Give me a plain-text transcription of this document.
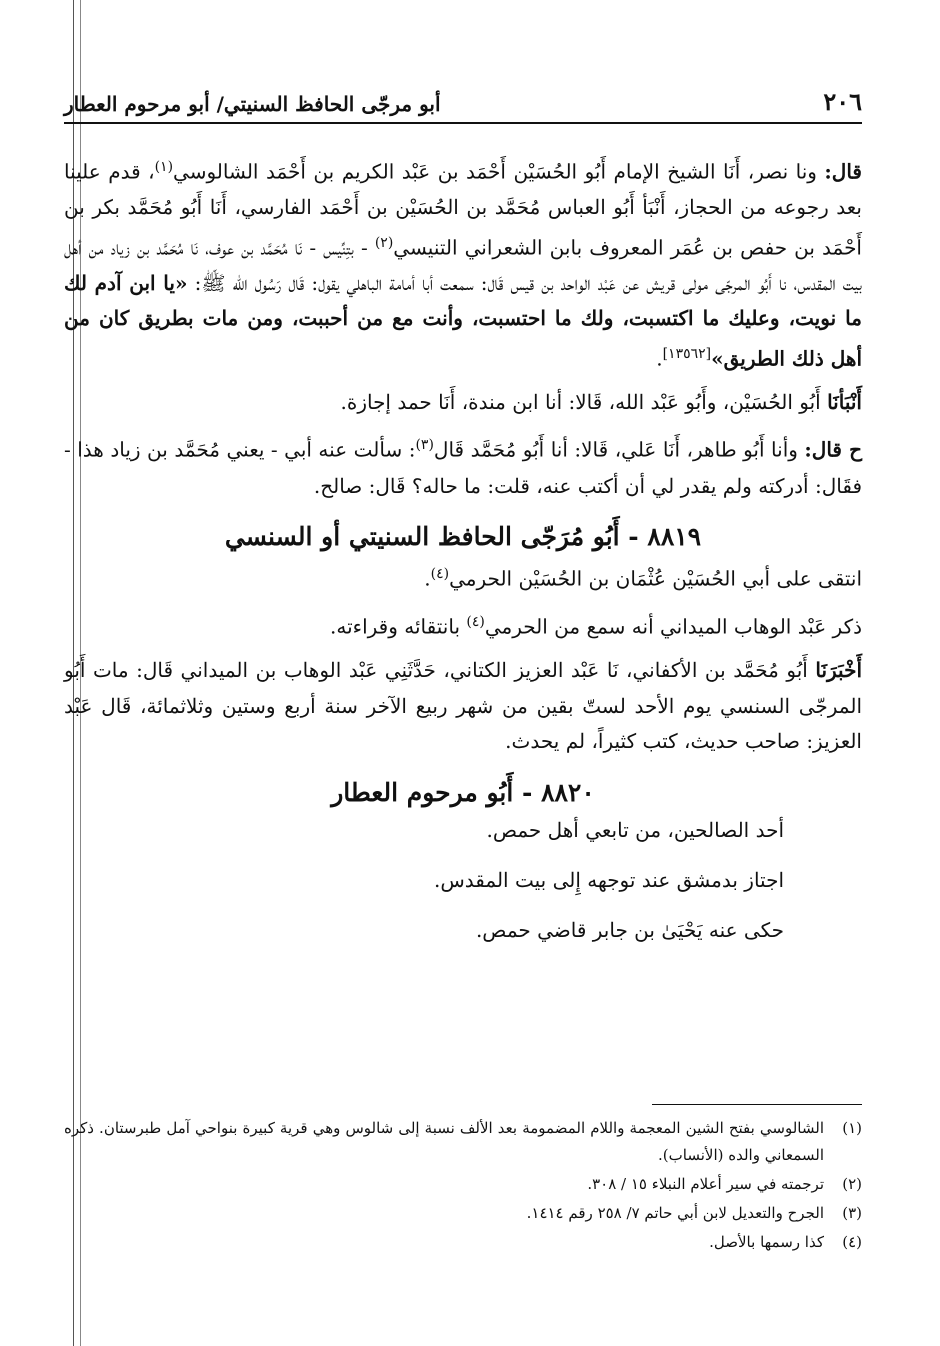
٢٠٦
أبو مرجّى الحافظ السنيتي/ أبو مرحوم العطار

قال: ونا نصر، أَنَا الشيخ الإمام أَبُو الحُسَيْن أَحْمَد بن عَبْد الكريم بن أَحْمَد الشالوسي$^{(١)}$، قدم علينا بعد رجوعه من الحجاز، أَنْبَأ أَبُو العباس مُحَمَّد بن الحُسَيْن بن أَحْمَد الفارسي، أَنَا أَبُو مُحَمَّد بكر بن أَحْمَد بن حفص بن عُمَر المعروف بابن الشعراني التنيسي$^{(٢)}$ - بتِنِّيس - نَا مُحَمَّد بن عوف، نَا مُحَمَّد بن زياد من أهل بيت المقدس، نا أَبُو المرجّى مولى قريش عن عَبْد الواحد بن قيس قَال: سمعت أبا أمامة الباهلي يقول: قَال رَسُول الله ﷺ: «يا ابن آدم لك ما نويت، وعليك ما اكتسبت، ولك ما احتسبت، وأنت مع من أحببت، ومن مات بطريق كان من أهل ذلك الطريق»[١٣٥٦٢].

أَنْبَأنَا أَبُو الحُسَيْن، وأَبُو عَبْد الله، قَالا: أنا ابن مندة، أَنَا حمد إجازة.

ح قال: وأنا أَبُو طاهر، أَنَا عَلي، قَالا: أنا أَبُو مُحَمَّد قَال$^{(٣)}$: سألت عنه أبي - يعني مُحَمَّد بن زياد هذا - فقَال: أدركته ولم يقدر لي أن أكتب عنه، قلت: ما حاله؟ قَال: صالح.

٨٨١٩ - أَبُو مُرَجّى الحافظ السنيتي أو السنسي

انتقى على أبي الحُسَيْن عُثْمَان بن الحُسَيْن الحرمي$^{(٤)}$.

ذكر عَبْد الوهاب الميداني أنه سمع من الحرمي$^{(٤)}$ بانتقائه وقراءته.

أَخْبَرَنَا أَبُو مُحَمَّد بن الأكفاني، نَا عَبْد العزيز الكتاني، حَدَّثَنِي عَبْد الوهاب بن الميداني قَال: مات أَبُو المرجّى السنسي يوم الأحد لستّ بقين من شهر ربيع الآخر سنة أربع وستين وثلاثمائة، قَال عَبْد العزيز: صاحب حديث، كتب كثيراً، لم يحدث.

٨٨٢٠ - أَبُو مرحوم العطار

أحد الصالحين، من تابعي أهل حمص.

اجتاز بدمشق عند توجهه إِلى بيت المقدس.

حكى عنه يَحْيَىٰ بن جابر قاضي حمص.

(١)
الشالوسي بفتح الشين المعجمة واللام المضمومة بعد الألف نسبة إلى شالوس وهي قرية كبيرة بنواحي آمل طبرستان. ذكره السمعاني والده (الأنساب).
(٢)
ترجمته في سير أعلام النبلاء ١٥ / ٣٠٨.
(٣)
الجرح والتعديل لابن أبي حاتم ٧/ ٢٥٨ رقم ١٤١٤.
(٤)
كذا رسمها بالأصل.
